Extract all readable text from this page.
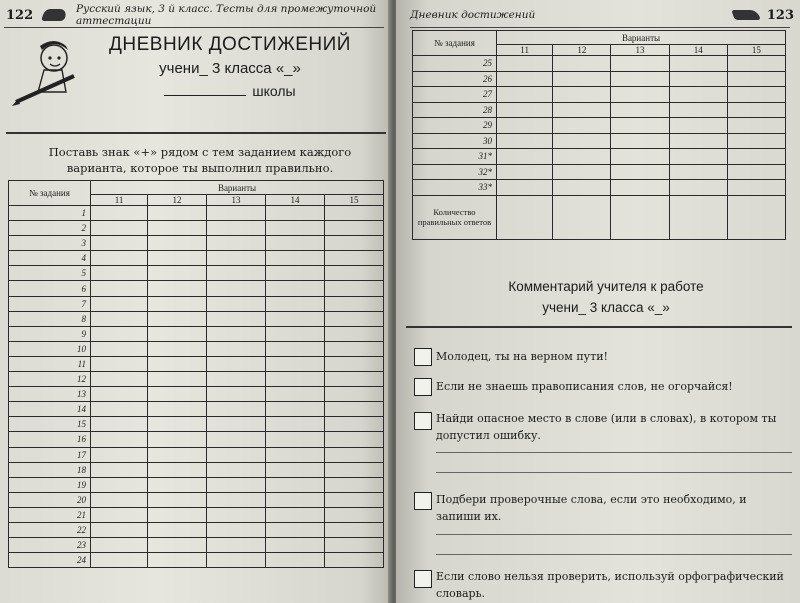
122	Русский язык, 3 й класс. Тесты для промежуточной аттестации
ДНЕВНИК ДОСТИЖЕНИЙ
учени_ 3 класса «_»
школы
Поставь знак «+» рядом с тем заданием каждого варианта, которое ты выполнил правильно.
№ задания	Варианты				
	11	12	13	14	15
1					
2					
3					
4					
5					
6					
7					
8					
9					
10					
11					
12					
13					
14					
15					
16					
17					
18					
19					
20					
21					
22					
23					
24					
Дневник достижений	123
№ задания	Варианты				
	11	12	13	14	15
25					
26					
27					
28					
29					
30					
31*					
32*					
33*					
Количество правильных ответов					
Комментарий учителя к работе
учени_ 3 класса «_»
Молодец, ты на верном пути!
Если не знаешь правописания слов, не огорчайся!
Найди опасное место в слове (или в словах), в котором ты допустил ошибку.
Подбери проверочные слова, если это необходимо, и запиши их.
Если слово нельзя проверить, используй орфографический словарь.
